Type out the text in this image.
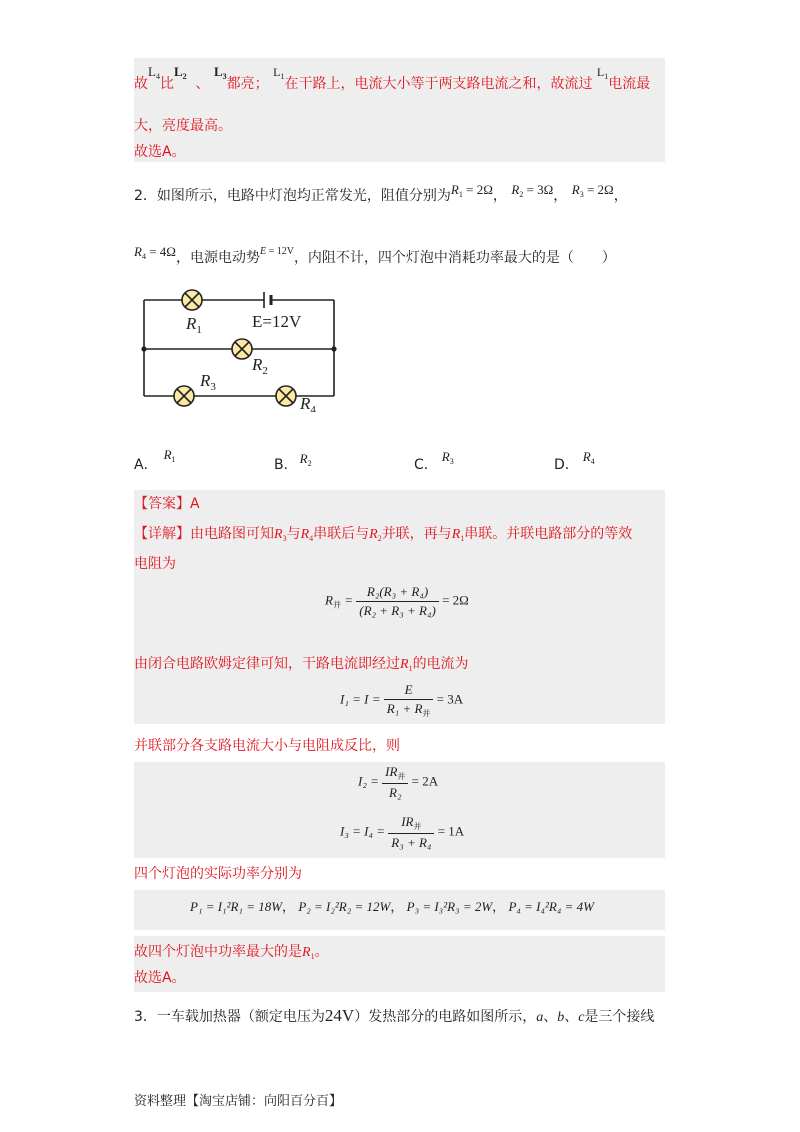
故$L_4$比$L_2$ 、 $L_3$都亮； $L_1$在干路上，电流大小等于两支路电流之和，故流过 $L_1$电流最
大，亮度最高。
故选A。
2．如图所示，电路中灯泡均正常发光，阻值分别为$R_1 = 2\Omega$， $R_2 = 3\Omega$， $R_3 = 2\Omega$，
$R_4 = 4\Omega$，电源电动势$^{E = 12V}$，内阻不计，四个灯泡中消耗功率最大的是（　　）
$R_1$	E=12V
$R_2$
$R_3$
$R_4$
A．$R_1$	B． $R_2$	C．$R_3$	D．$R_4$
【答案】A
【详解】由电路图可知$R_3$与$R_4$串联后与$R_2$并联，再与$R_1$串联。并联电路部分的等效
电阻为
$R_并 = \frac{\text{R₂(R₃ + R₄)}}{\text{(R₂ + R₃ + R₄)}} = 2\Omega$
由闭合电路欧姆定律可知，干路电流即经过$R_1$的电流为
$I_1 = I = \frac{E}{R_1 + R_并} = 3A$
并联部分各支路电流大小与电阻成反比，则
$I_2 = \frac{IR_并}{\text{R₂}} = 2A$
$I_3 = I_4 = \frac{IR_并}{\text{R₃ + R₄}} = 1A$
四个灯泡的实际功率分别为
P₁ = I₁²R₁ = 18W， P₂ = I₂²R₂ = 12W， P₃ = I₃²R₃ = 2W， P₄ = I₄²R₄ = 4W
故四个灯泡中功率最大的是$R_1$。
故选A。
3．一车载加热器（额定电压为24V）发热部分的电路如图所示，a、b、c是三个接线
资料整理【淘宝店铺：向阳百分百】
